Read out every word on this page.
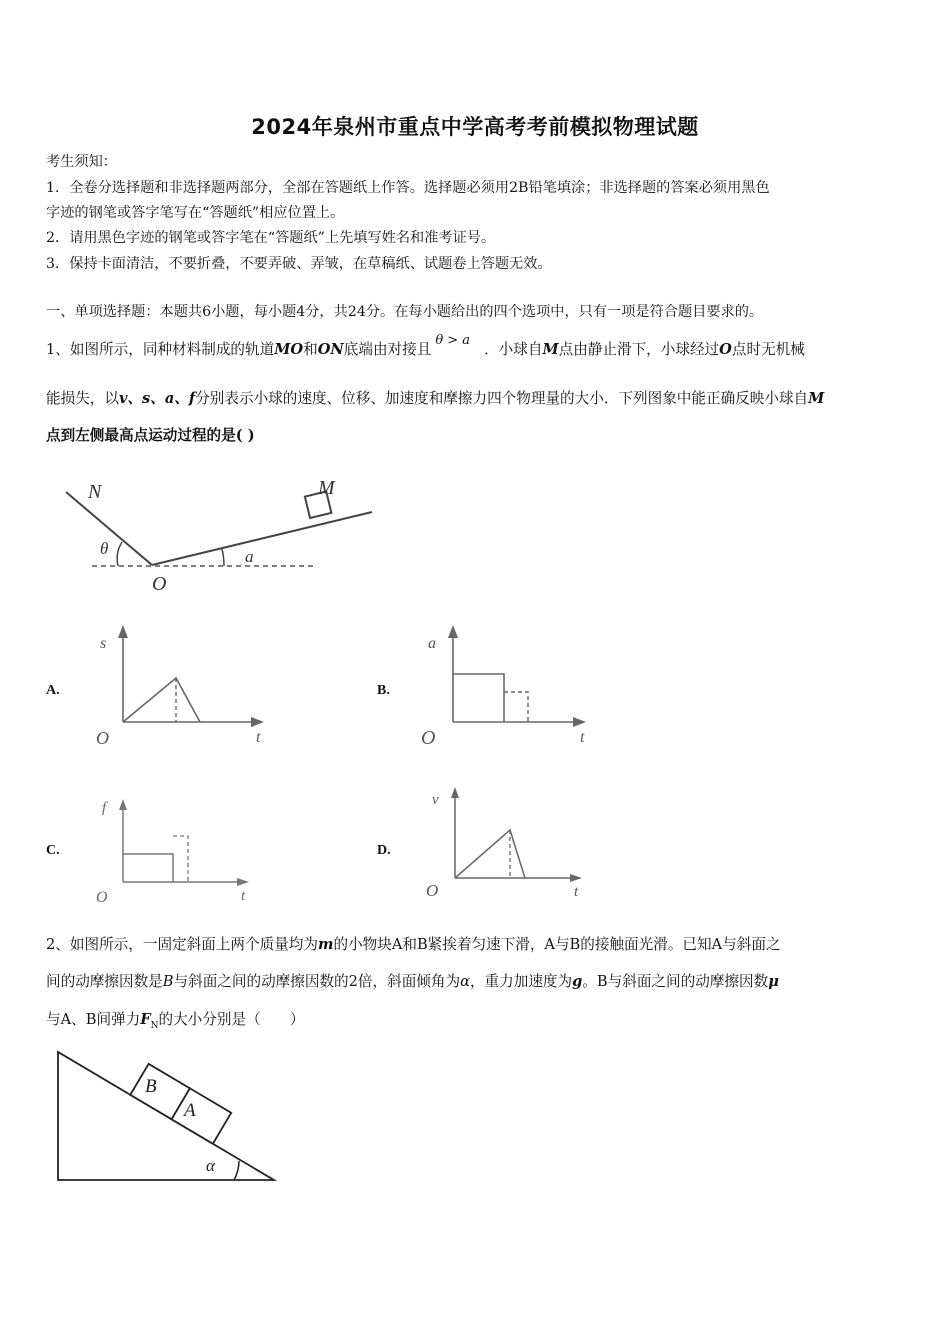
2024年泉州市重点中学高考考前模拟物理试题
考生须知：
1．全卷分选择题和非选择题两部分，全部在答题纸上作答。选择题必须用2B铅笔填涂；非选择题的答案必须用黑色
字迹的钢笔或答字笔写在“答题纸”相应位置上。
2．请用黑色字迹的钢笔或答字笔在“答题纸”上先填写姓名和准考证号。
3．保持卡面清洁，不要折叠，不要弄破、弄皱，在草稿纸、试题卷上答题无效。
一、单项选择题：本题共6小题，每小题4分，共24分。在每小题给出的四个选项中，只有一项是符合题目要求的。
1、如图所示，同种材料制成的轨道MO和ON底端由对接且θ > a．小球自M点由静止滑下，小球经过O点时无机械
能损失，以v、s、a、f分别表示小球的速度、位移、加速度和摩擦力四个物理量的大小．下列图象中能正确反映小球自M
点到左侧最高点运动过程的是( )
N	M
θ	a
O
A.
s
O	t
B.
a
O	t
C.
f
O	t
D.
v
O	t
2、如图所示，一固定斜面上两个质量均为m的小物块A和B紧挨着匀速下滑，A与B的接触面光滑。已知A与斜面之
间的动摩擦因数是B与斜面之间的动摩擦因数的2倍，斜面倾角为α，重力加速度为g。B与斜面之间的动摩擦因数μ
与A、B间弹力$F_N$的大小分别是（　　）
B
A
α
